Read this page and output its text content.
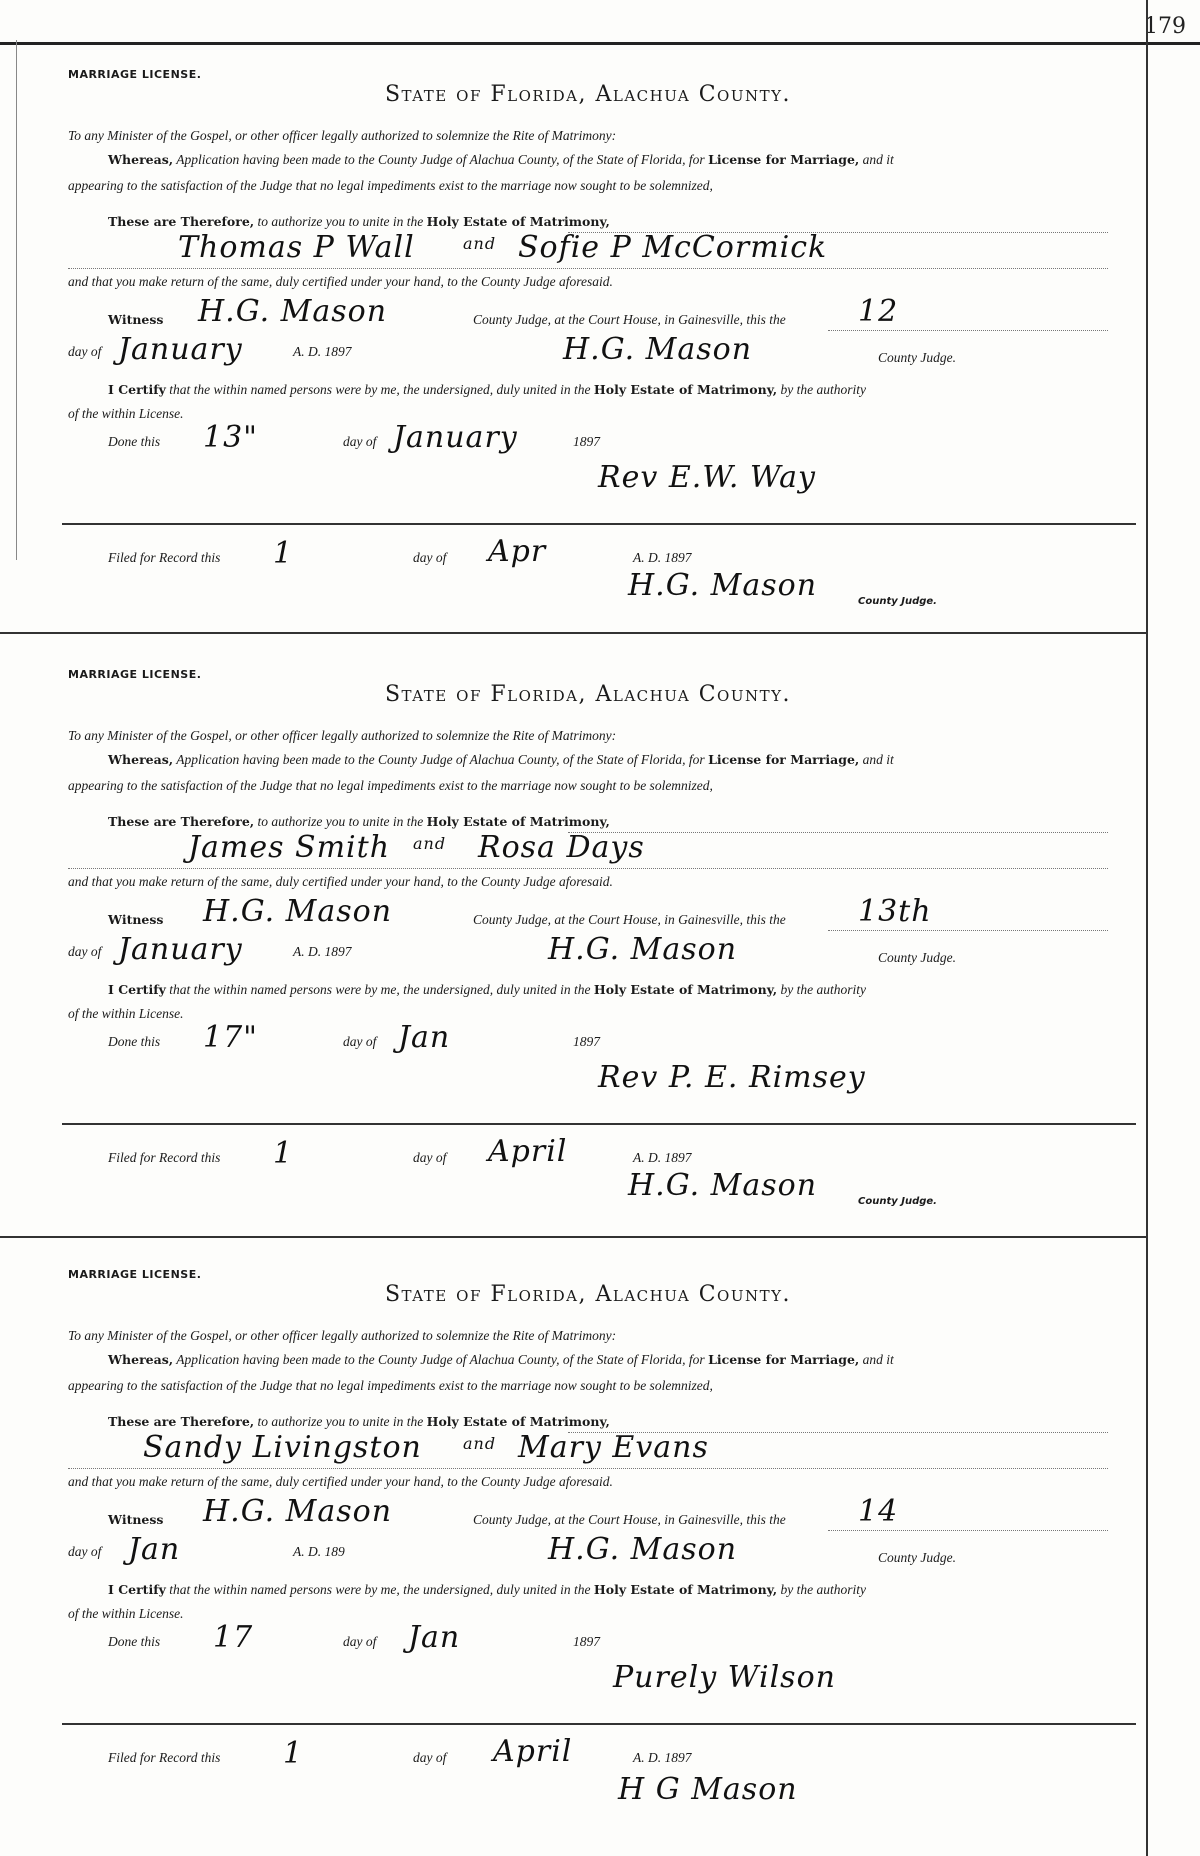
179
MARRIAGE LICENSE.
State of Florida, Alachua County.
To any Minister of the Gospel, or other officer legally authorized to solemnize the Rite of Matrimony:
Whereas, Application having been made to the County Judge of Alachua County, of the State of Florida, for License for Marriage, and it
appearing to the satisfaction of the Judge that no legal impediments exist to the marriage now sought to be solemnized,
These are Therefore, to authorize you to unite in the Holy Estate of Matrimony,
Thomas P Wall	and Sofie P McCormick
and that you make return of the same, duly certified under your hand, to the County Judge aforesaid.
Witness H.G. Mason	County Judge, at the Court House, in Gainesville, this the 12
day of January	A. D. 1897	H.G. Mason	County Judge.
I Certify that the within named persons were by me, the undersigned, duly united in the Holy Estate of Matrimony, by the authority
of the within License.
Done this 13"	day of January	1897
Rev E.W. Way
Filed for Record this 1	day of Apr	A. D. 1897
H.G. Mason	County Judge.
MARRIAGE LICENSE.
State of Florida, Alachua County.
To any Minister of the Gospel, or other officer legally authorized to solemnize the Rite of Matrimony:
Whereas, Application having been made to the County Judge of Alachua County, of the State of Florida, for License for Marriage, and it
appearing to the satisfaction of the Judge that no legal impediments exist to the marriage now sought to be solemnized,
These are Therefore, to authorize you to unite in the Holy Estate of Matrimony,
James Smith and Rosa Days
and that you make return of the same, duly certified under your hand, to the County Judge aforesaid.
Witness H.G. Mason	County Judge, at the Court House, in Gainesville, this the 13th
day of January	A. D. 1897	H.G. Mason	County Judge.
I Certify that the within named persons were by me, the undersigned, duly united in the Holy Estate of Matrimony, by the authority
of the within License.
Done this 17"	day of Jan	1897
Rev P. E. Rimsey
Filed for Record this 1	day of April	A. D. 1897
H.G. Mason	County Judge.
MARRIAGE LICENSE.
State of Florida, Alachua County.
To any Minister of the Gospel, or other officer legally authorized to solemnize the Rite of Matrimony:
Whereas, Application having been made to the County Judge of Alachua County, of the State of Florida, for License for Marriage, and it
appearing to the satisfaction of the Judge that no legal impediments exist to the marriage now sought to be solemnized,
These are Therefore, to authorize you to unite in the Holy Estate of Matrimony,
Sandy Livingston	and Mary Evans
and that you make return of the same, duly certified under your hand, to the County Judge aforesaid.
Witness H.G. Mason	County Judge, at the Court House, in Gainesville, this the 14
day of Jan	A. D. 189	H.G. Mason	County Judge.
I Certify that the within named persons were by me, the undersigned, duly united in the Holy Estate of Matrimony, by the authority
of the within License.
Done this 17	day of Jan	1897
Purely Wilson
Filed for Record this 1	day of April	A. D. 1897
H G Mason
